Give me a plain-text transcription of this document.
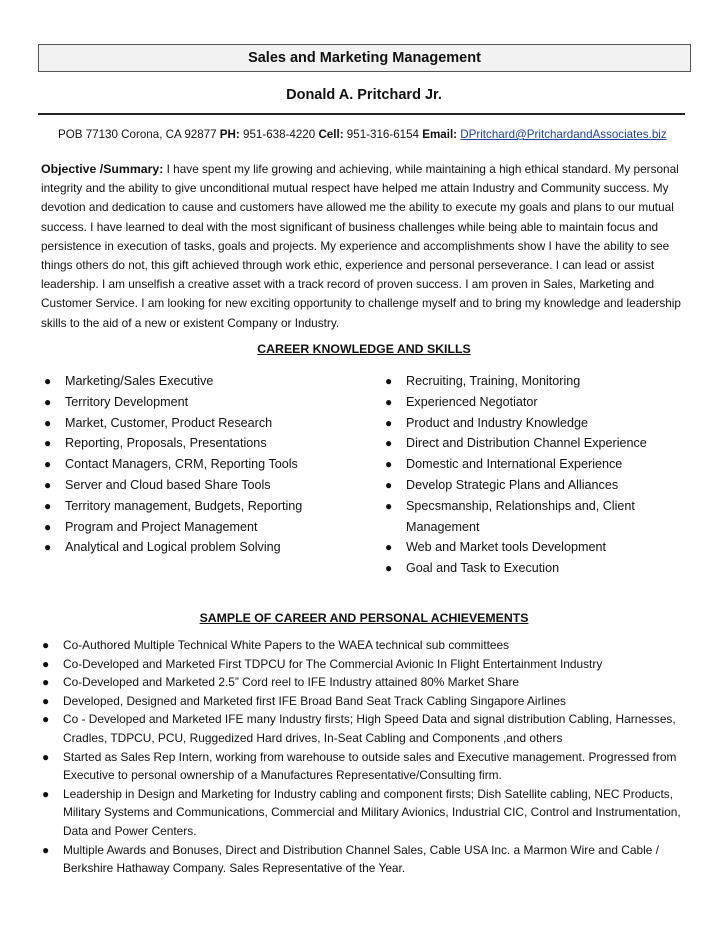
Sales and Marketing Management
Donald A. Pritchard Jr.
POB 77130 Corona, CA 92877 PH: 951-638-4220 Cell: 951-316-6154 Email: DPritchard@PritchardandAssociates.biz

Objective /Summary: I have spent my life growing and achieving, while maintaining a high ethical standard. My personal integrity and the ability to give unconditional mutual respect have helped me attain Industry and Community success. My devotion and dedication to cause and customers have allowed me the ability to execute my goals and plans to our mutual success. I have learned to deal with the most significant of business challenges while being able to maintain focus and persistence in execution of tasks, goals and projects. My experience and accomplishments show I have the ability to see things others do not, this gift achieved through work ethic, experience and personal perseverance. I can lead or assist leadership. I am unselfish a creative asset with a track record of proven success. I am proven in Sales, Marketing and Customer Service. I am looking for new exciting opportunity to challenge myself and to bring my knowledge and leadership skills to the aid of a new or existent Company or Industry.

CAREER KNOWLEDGE AND SKILLS
● Marketing/Sales Executive
● Territory Development
● Market, Customer, Product Research
● Reporting, Proposals, Presentations
● Contact Managers, CRM, Reporting Tools
● Server and Cloud based Share Tools
● Territory management, Budgets, Reporting
● Program and Project Management
● Analytical and Logical problem Solving
● Recruiting, Training, Monitoring
● Experienced Negotiator
● Product and Industry Knowledge
● Direct and Distribution Channel Experience
● Domestic and International Experience
● Develop Strategic Plans and Alliances
● Specsmanship, Relationships and, Client Management
● Web and Market tools Development
● Goal and Task to Execution
SAMPLE OF CAREER AND PERSONAL ACHIEVEMENTS
● Co-Authored Multiple Technical White Papers to the WAEA technical sub committees
● Co-Developed and Marketed First TDPCU for The Commercial Avionic In Flight Entertainment Industry
● Co-Developed and Marketed 2.5” Cord reel to IFE Industry attained 80% Market Share
● Developed, Designed and Marketed first IFE Broad Band Seat Track Cabling Singapore Airlines
● Co - Developed and Marketed IFE many Industry firsts; High Speed Data and signal distribution Cabling, Harnesses, Cradles, TDPCU, PCU, Ruggedized Hard drives, In-Seat Cabling and Components ,and others
● Started as Sales Rep Intern, working from warehouse to outside sales and Executive management. Progressed from Executive to personal ownership of a Manufactures Representative/Consulting firm.
● Leadership in Design and Marketing for Industry cabling and component firsts; Dish Satellite cabling, NEC Products, Military Systems and Communications, Commercial and Military Avionics, Industrial CIC, Control and Instrumentation, Data and Power Centers.
● Multiple Awards and Bonuses, Direct and Distribution Channel Sales, Cable USA Inc. a Marmon Wire and Cable / Berkshire Hathaway Company. Sales Representative of the Year.
